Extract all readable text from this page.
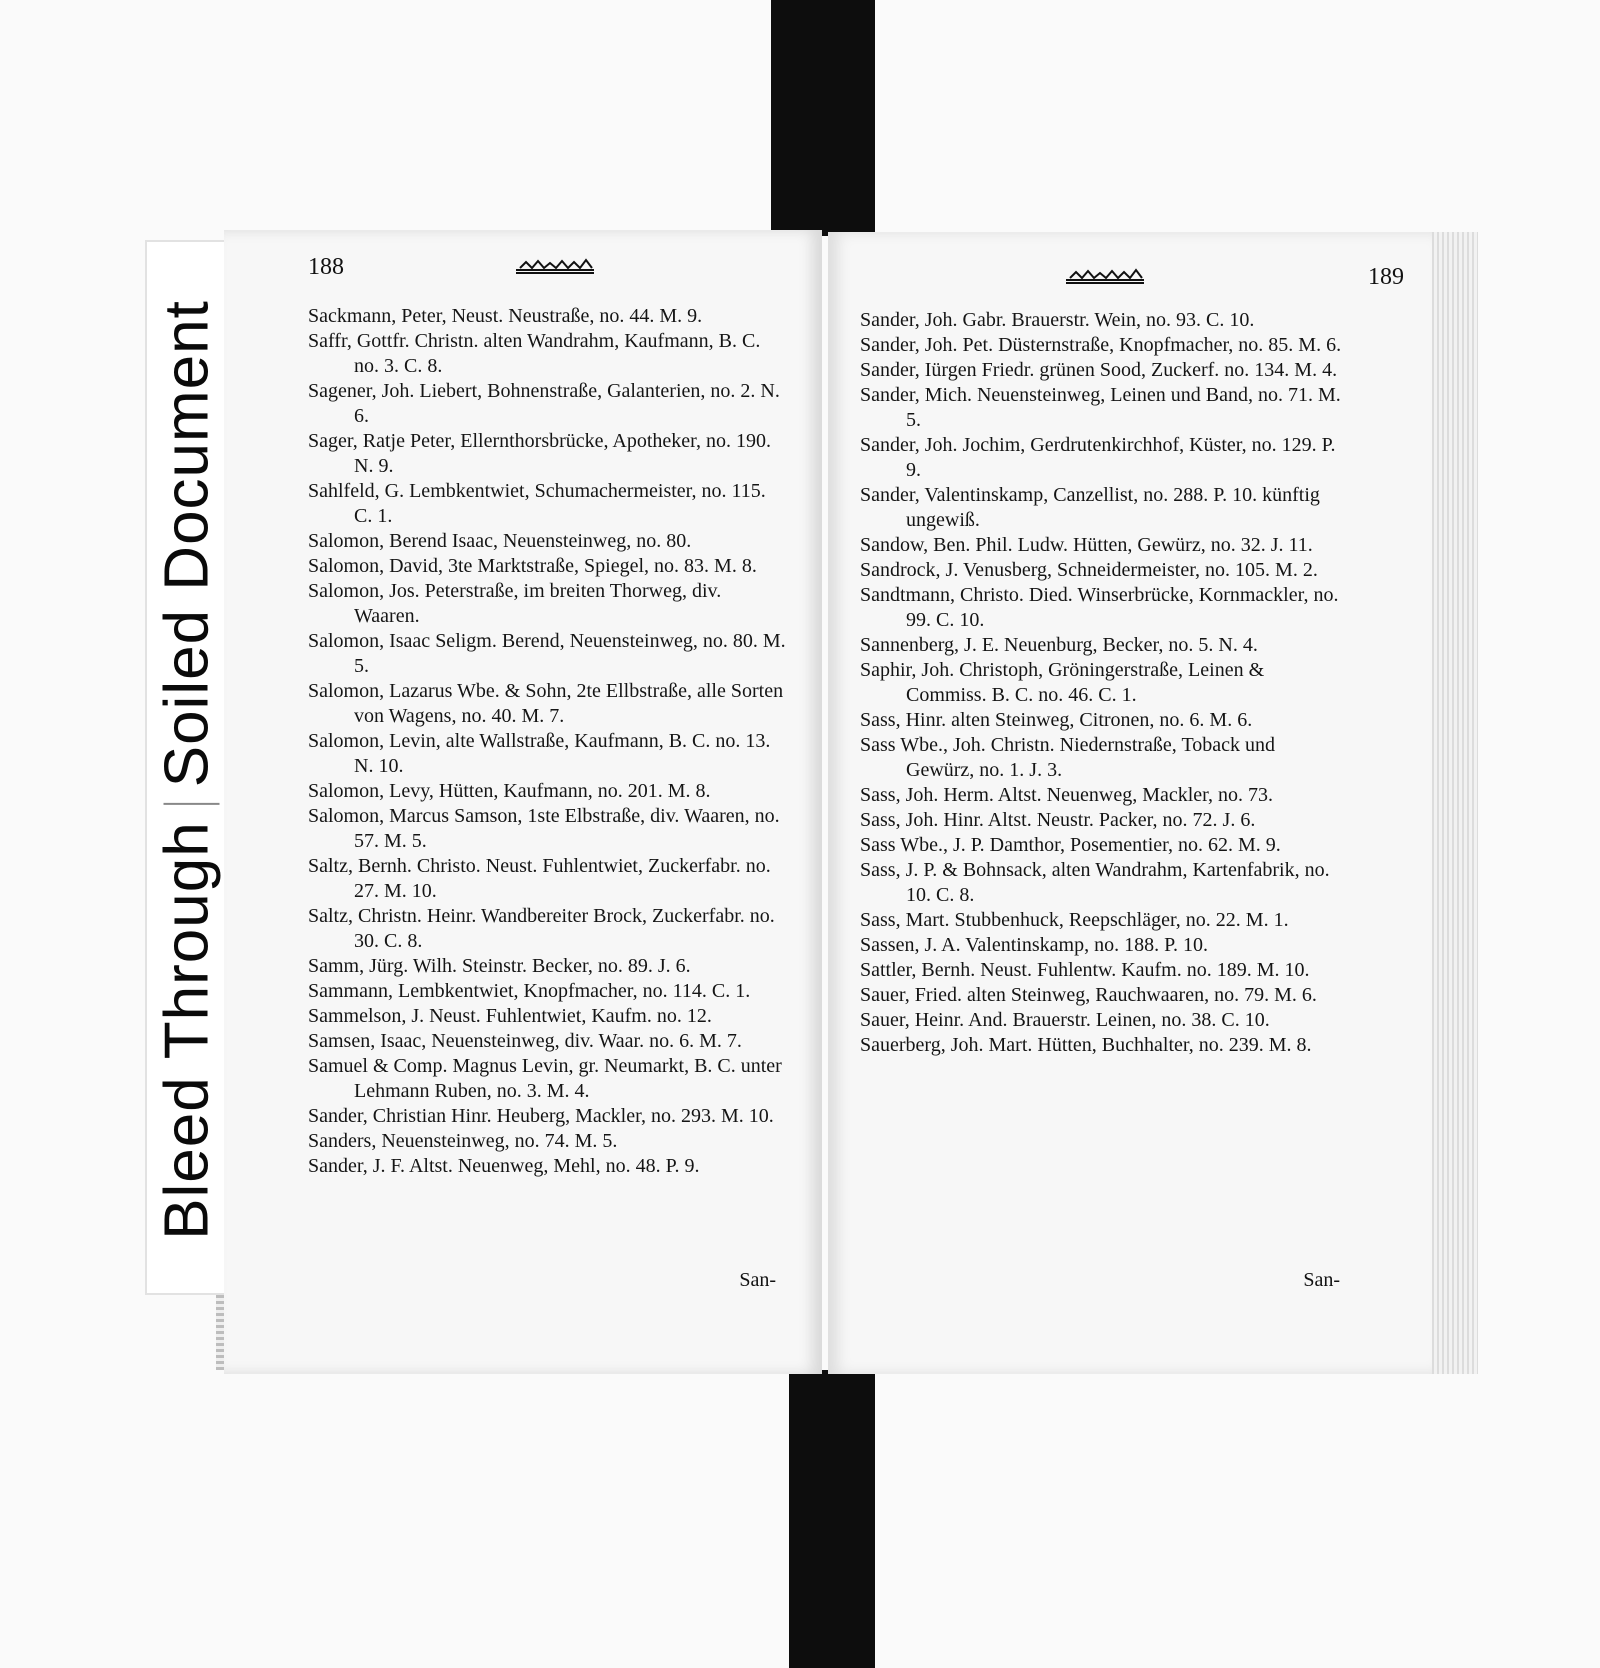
Bleed ThroughSoiled Document
188
Sackmann, Peter, Neust. Neustraße, no. 44. M. 9.
Saffr, Gottfr. Christn. alten Wandrahm, Kaufmann, B. C. no. 3. C. 8.
Sagener, Joh. Liebert, Bohnenstraße, Galanterien, no. 2. N. 6.
Sager, Ratje Peter, Ellernthorsbrücke, Apotheker, no. 190. N. 9.
Sahlfeld, G. Lembkentwiet, Schumachermeister, no. 115. C. 1.
Salomon, Berend Isaac, Neuensteinweg, no. 80.
Salomon, David, 3te Marktstraße, Spiegel, no. 83. M. 8.
Salomon, Jos. Peterstraße, im breiten Thorweg, div. Waaren.
Salomon, Isaac Seligm. Berend, Neuensteinweg, no. 80. M. 5.
Salomon, Lazarus Wbe. & Sohn, 2te Ellbstraße, alle Sorten von Wagens, no. 40. M. 7.
Salomon, Levin, alte Wallstraße, Kaufmann, B. C. no. 13. N. 10.
Salomon, Levy, Hütten, Kaufmann, no. 201. M. 8.
Salomon, Marcus Samson, 1ste Elbstraße, div. Waaren, no. 57. M. 5.
Saltz, Bernh. Christo. Neust. Fuhlentwiet, Zuckerfabr. no. 27. M. 10.
Saltz, Christn. Heinr. Wandbereiter Brock, Zuckerfabr. no. 30. C. 8.
Samm, Jürg. Wilh. Steinstr. Becker, no. 89. J. 6.
Sammann, Lembkentwiet, Knopfmacher, no. 114. C. 1.
Sammelson, J. Neust. Fuhlentwiet, Kaufm. no. 12.
Samsen, Isaac, Neuensteinweg, div. Waar. no. 6. M. 7.
Samuel & Comp. Magnus Levin, gr. Neumarkt, B. C. unter Lehmann Ruben, no. 3. M. 4.
Sander, Christian Hinr. Heuberg, Mackler, no. 293. M. 10.
Sanders, Neuensteinweg, no. 74. M. 5.
Sander, J. F. Altst. Neuenweg, Mehl, no. 48. P. 9.
San-
189
Sander, Joh. Gabr. Brauerstr. Wein, no. 93. C. 10.
Sander, Joh. Pet. Düsternstraße, Knopfmacher, no. 85. M. 6.
Sander, Iürgen Friedr. grünen Sood, Zuckerf. no. 134. M. 4.
Sander, Mich. Neuensteinweg, Leinen und Band, no. 71. M. 5.
Sander, Joh. Jochim, Gerdrutenkirchhof, Küster, no. 129. P. 9.
Sander, Valentinskamp, Canzellist, no. 288. P. 10. künftig ungewiß.
Sandow, Ben. Phil. Ludw. Hütten, Gewürz, no. 32. J. 11.
Sandrock, J. Venusberg, Schneidermeister, no. 105. M. 2.
Sandtmann, Christo. Died. Winserbrücke, Kornmackler, no. 99. C. 10.
Sannenberg, J. E. Neuenburg, Becker, no. 5. N. 4.
Saphir, Joh. Christoph, Gröningerstraße, Leinen & Commiss. B. C. no. 46. C. 1.
Sass, Hinr. alten Steinweg, Citronen, no. 6. M. 6.
Sass Wbe., Joh. Christn. Niedernstraße, Toback und Gewürz, no. 1. J. 3.
Sass, Joh. Herm. Altst. Neuenweg, Mackler, no. 73.
Sass, Joh. Hinr. Altst. Neustr. Packer, no. 72. J. 6.
Sass Wbe., J. P. Damthor, Posementier, no. 62. M. 9.
Sass, J. P. & Bohnsack, alten Wandrahm, Kartenfabrik, no. 10. C. 8.
Sass, Mart. Stubbenhuck, Reepschläger, no. 22. M. 1.
Sassen, J. A. Valentinskamp, no. 188. P. 10.
Sattler, Bernh. Neust. Fuhlentw. Kaufm. no. 189. M. 10.
Sauer, Fried. alten Steinweg, Rauchwaaren, no. 79. M. 6.
Sauer, Heinr. And. Brauerstr. Leinen, no. 38. C. 10.
Sauerberg, Joh. Mart. Hütten, Buchhalter, no. 239. M. 8.
San-
